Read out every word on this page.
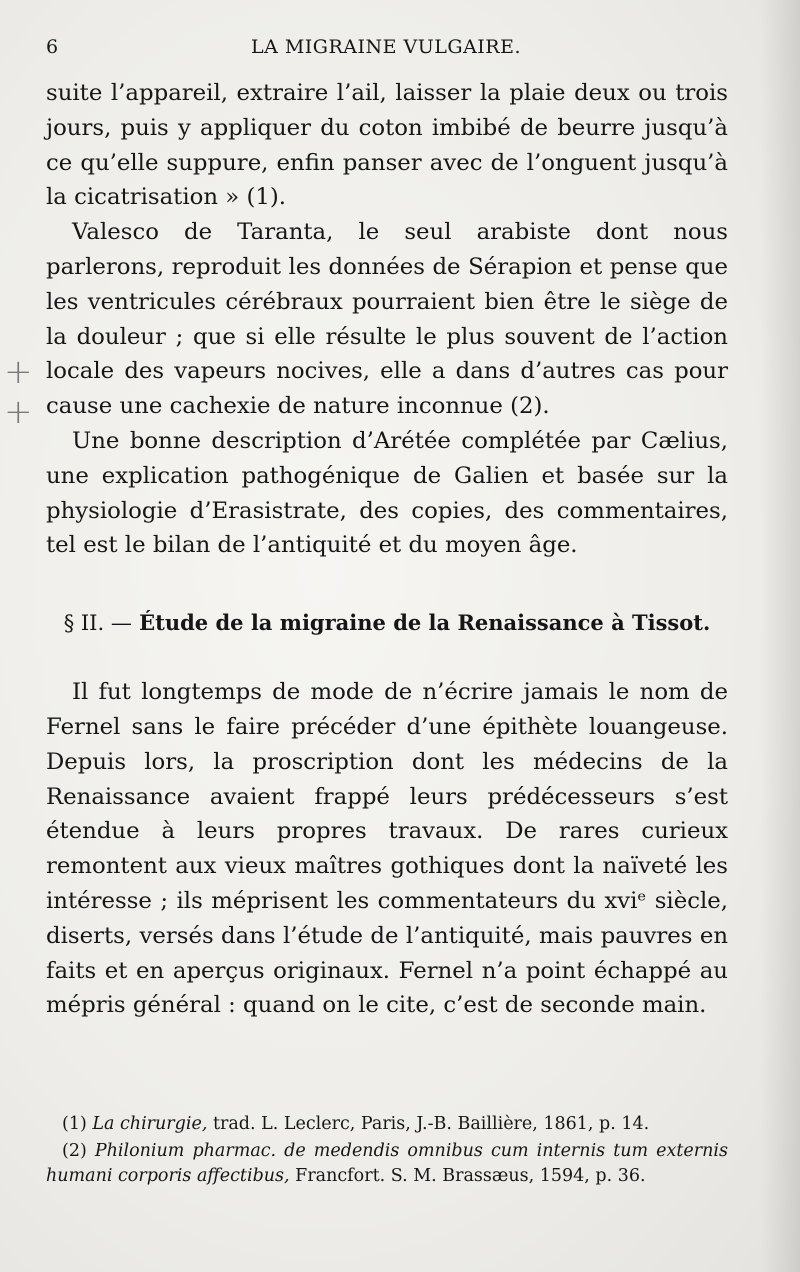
6	LA MIGRAINE VULGAIRE.
+
+

suite l’appareil, extraire l’ail, laisser la plaie deux ou trois jours, puis y appliquer du coton imbibé de beurre jusqu’à ce qu’elle suppure, enfin panser avec de l’onguent jusqu’à la cicatrisation » (1).

Valesco de Taranta, le seul arabiste dont nous parlerons, reproduit les données de Sérapion et pense que les ventricules cérébraux pourraient bien être le siège de la douleur ; que si elle résulte le plus souvent de l’action locale des vapeurs nocives, elle a dans d’autres cas pour cause une cachexie de nature inconnue (2).

Une bonne description d’Arétée complétée par Cælius, une explication pathogénique de Galien et basée sur la physiologie d’Erasistrate, des copies, des commentaires, tel est le bilan de l’antiquité et du moyen âge.

§ II. — Étude de la migraine de la Renaissance à Tissot.

Il fut longtemps de mode de n’écrire jamais le nom de Fernel sans le faire précéder d’une épithète louangeuse. Depuis lors, la proscription dont les médecins de la Renaissance avaient frappé leurs prédécesseurs s’est étendue à leurs propres travaux. De rares curieux remontent aux vieux maîtres gothiques dont la naïveté les intéresse ; ils méprisent les commentateurs du xviᵉ siècle, diserts, versés dans l’étude de l’antiquité, mais pauvres en faits et en aperçus originaux. Fernel n’a point échappé au mépris général : quand on le cite, c’est de seconde main.

(1) La chirurgie, trad. L. Leclerc, Paris, J.-B. Baillière, 1861, p. 14.

(2) Philonium pharmac. de medendis omnibus cum internis tum externis humani corporis affectibus, Francfort. S. M. Brassæus, 1594, p. 36.
